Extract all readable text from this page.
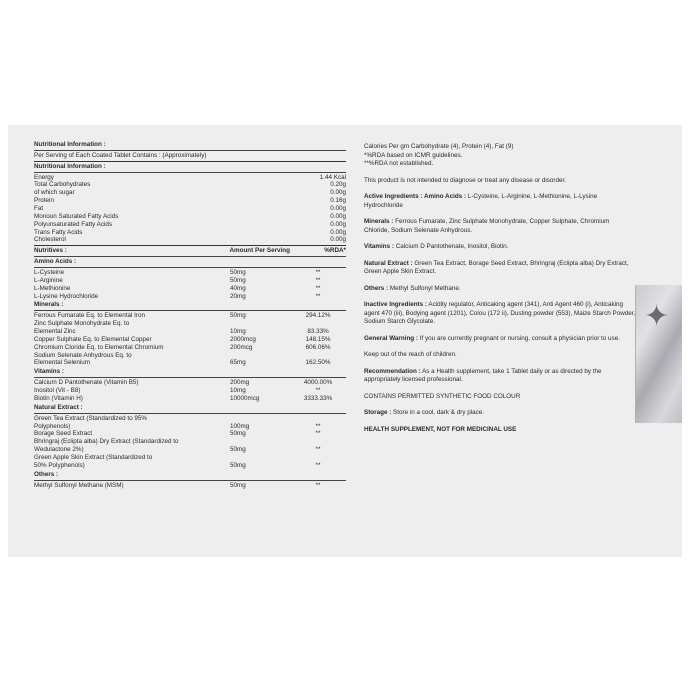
Nutritional Information :
Per Serving of Each Coated Tablet Contains : (Approximately)
Nutritional Information :
Energy	1.44 Kcal
Total Carbohydrates	0.20g
of which sugar	0.00g
Protein	0.16g
Fat	0.00g
Monoun Saturated Fatty Acids	0.00g
Polyunsaturated Fatty Acids	0.00g
Trans Fatty Acids	0.00g
Cholesterol	0.00g
Nutritives :	Amount Per Serving	%RDA*
Amino Acids :
L-Cysteine	50mg	**
L-Arginine	50mg	**
L-Methionine	40mg	**
L-Lysine Hydrochloride	20mg	**
Minerals :
Ferrous Fumarate Eq. to Elemental Iron	50mg	294.12%
Zinc Sulphate Monohydrate Eq. to
Elemental Zinc	10mg	83.33%
Copper Sulphate Eq. to Elemental Copper	2000mcg	148.15%
Chromium Cloride Eq. to Elemental Chromium	200mcg	606.06%
Sodium Selenate Anhydrous Eq. to
Elemental Selenium	65mg	162.50%
Vitamins :
Calcium D Pantothenate (Vitamin B5)	200mg	4000.00%
Inositol (Vit - B8)	10mg	**
Biotin (Vitamin H)	10000mcg	3333.33%
Natural Extract :
Green Tea Extract (Standardized to 95%
Polyphenols)	100mg	**
Borage Seed Extract	50mg	**
Bhringraj (Eclipta alba) Dry Extract (Standardized to
Wedulactone 2%)	50mg	**
Green Apple Skin Extract (Standardized to
50% Polyphenols)	50mg	**
Others :
Methyl Sulfonyl Methane (MSM)	50mg	**
Calories Per gm Carbohydrate (4), Protein (4), Fat (9)
*%RDA based on ICMR guidelines.
**%RDA not established.
This product is not intended to diagnose or treat any disease or disorder.
Active Ingredients : Amino Acids : L-Cysteine, L-Arginine, L-Methionine, L-Lysine Hydrochloride
Minerals : Ferrous Fumarate, Zinc Sulphate Monohydrate, Copper Sulphate, Chromium Chloride, Sodium Selenate Anhydrous.
Vitamins : Calcium D Pantothenate, Inositol, Biotin.
Natural Extract : Green Tea Extract, Borage Seed Extract, Bhringraj (Eclipta alba) Dry Extract, Green Apple Skin Extract.
Others : Methyl Sulfonyl Methane.
Inactive Ingredients : Acidity regulator, Anticaking agent (341), Anti Agent 460 (i), Anticaking agent 470 (iii), Bodying agent (1201), Colou (172 ii), Dusting powder (553), Maize Starch Powder, Sodium Starch Glycolate.
General Warning : If you are currently pregnant or nursing, consult a physician prior to use.
Keep out of the reach of children.
Recommendation : As a Health supplement, take 1 Tablet daily or as directed by the appropriately licensed professional.
CONTAINS PERMITTED SYNTHETIC FOOD COLOUR
Storage : Store in a cool, dark & dry place.
HEALTH SUPPLEMENT, NOT FOR MEDICINAL USE
✦
